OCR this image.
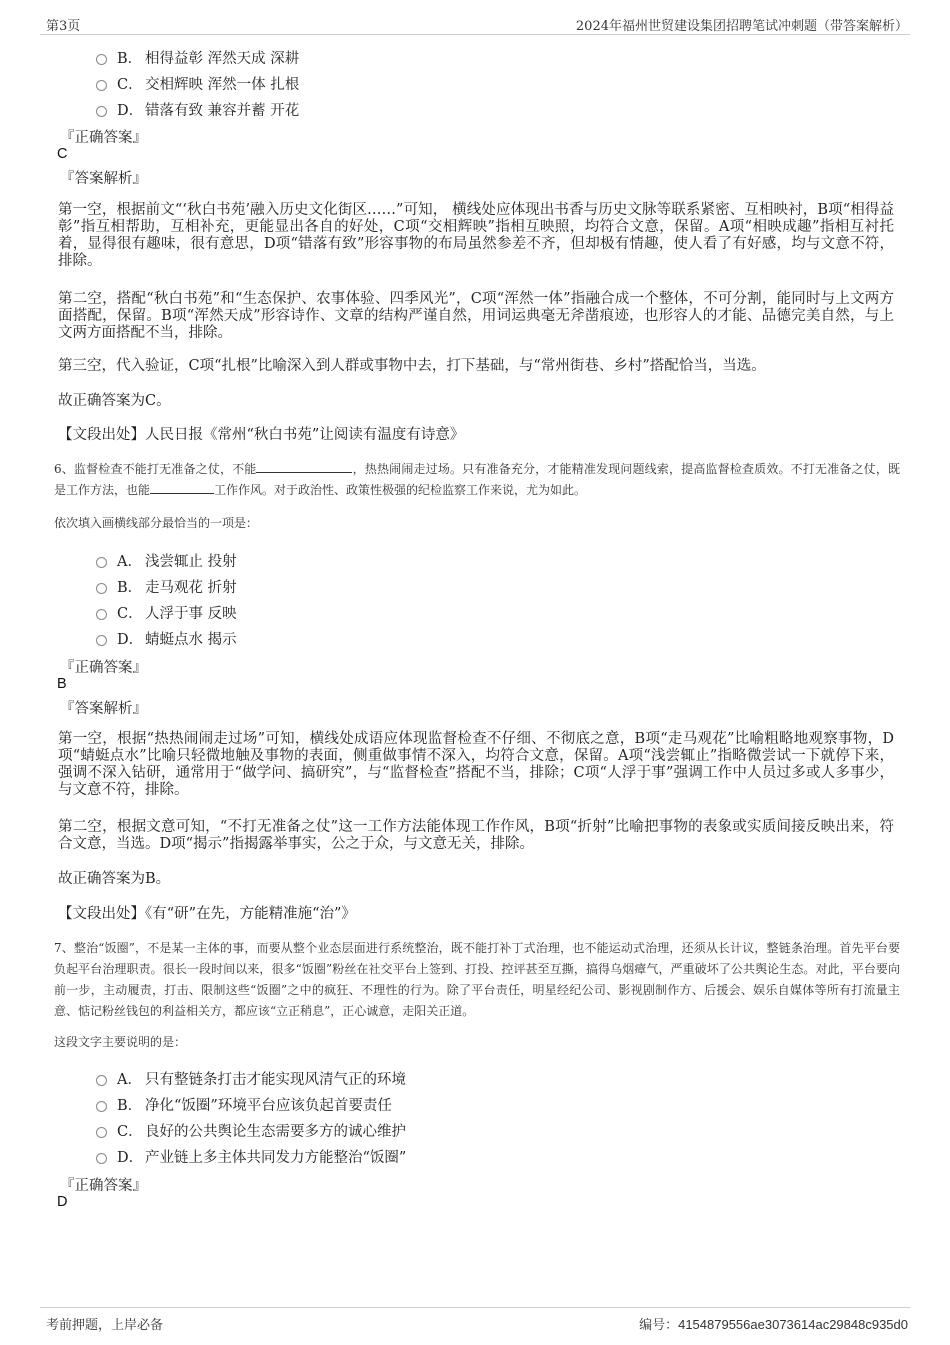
第3页	2024年福州世贸建设集团招聘笔试冲刺题（带答案解析）
B． 相得益彰 浑然天成 深耕
C． 交相辉映 浑然一体 扎根
D． 错落有致 兼容并蓄 开花
『正确答案』
C
『答案解析』

第一空，根据前文“‘秋白书苑’融入历史文化街区……”可知， 横线处应体现出书香与历史文脉等联系紧密、互相映衬，B项“相得益彰”指互相帮助，互相补充，更能显出各自的好处，C项“交相辉映”指相互映照，均符合文意，保留。A项“相映成趣”指相互衬托着，显得很有趣味，很有意思，D项“错落有致”形容事物的布局虽然参差不齐，但却极有情趣，使人看了有好感，均与文意不符，排除。

第二空，搭配“秋白书苑”和“生态保护、农事体验、四季风光”，C项“浑然一体”指融合成一个整体，不可分割，能同时与上文两方面搭配，保留。B项“浑然天成”形容诗作、文章的结构严谨自然，用词运典毫无斧凿痕迹，也形容人的才能、品德完美自然，与上文两方面搭配不当，排除。

第三空，代入验证，C项“扎根”比喻深入到人群或事物中去，打下基础，与“常州街巷、乡村”搭配恰当，当选。

故正确答案为C。

【文段出处】人民日报《常州“秋白书苑”让阅读有温度有诗意》

6、监督检查不能打无准备之仗，不能	，热热闹闹走过场。只有准备充分，才能精准发现问题线索，提高监督检查质效。不打无准备之仗，既是工作方法，也能	工作作风。对于政治性、政策性极强的纪检监察工作来说，尤为如此。

依次填入画横线部分最恰当的一项是：
A． 浅尝辄止 投射
B． 走马观花 折射
C． 人浮于事 反映
D． 蜻蜓点水 揭示
『正确答案』
B
『答案解析』

第一空，根据“热热闹闹走过场”可知，横线处成语应体现监督检查不仔细、不彻底之意，B项“走马观花”比喻粗略地观察事物，D项“蜻蜓点水”比喻只轻微地触及事物的表面，侧重做事情不深入，均符合文意，保留。A项“浅尝辄止”指略微尝试一下就停下来，强调不深入钻研，通常用于“做学问、搞研究”，与“监督检查”搭配不当，排除；C项“人浮于事”强调工作中人员过多或人多事少，与文意不符，排除。

第二空，根据文意可知，“不打无准备之仗”这一工作方法能体现工作作风，B项“折射”比喻把事物的表象或实质间接反映出来，符合文意，当选。D项“揭示”指揭露举事实，公之于众，与文意无关，排除。

故正确答案为B。

【文段出处】《有“研”在先，方能精准施“治”》

7、整治“饭圈”，不是某一主体的事，而要从整个业态层面进行系统整治，既不能打补丁式治理，也不能运动式治理，还须从长计议，整链条治理。首先平台要负起平台治理职责。很长一段时间以来，很多“饭圈”粉丝在社交平台上签到、打投、控评甚至互撕，搞得乌烟瘴气，严重破坏了公共舆论生态。对此，平台要向前一步，主动履责，打击、限制这些“饭圈”之中的疯狂、不理性的行为。除了平台责任，明星经纪公司、影视剧制作方、后援会、娱乐自媒体等所有打流量主意、惦记粉丝钱包的利益相关方，都应该“立正稍息”，正心诚意，走阳关正道。

这段文字主要说明的是：
A． 只有整链条打击才能实现风清气正的环境
B． 净化“饭圈”环境平台应该负起首要责任
C． 良好的公共舆论生态需要多方的诚心维护
D． 产业链上多主体共同发力方能整治“饭圈”
『正确答案』
D
考前押题，上岸必备	编号：4154879556ae3073614ac29848c935d0
